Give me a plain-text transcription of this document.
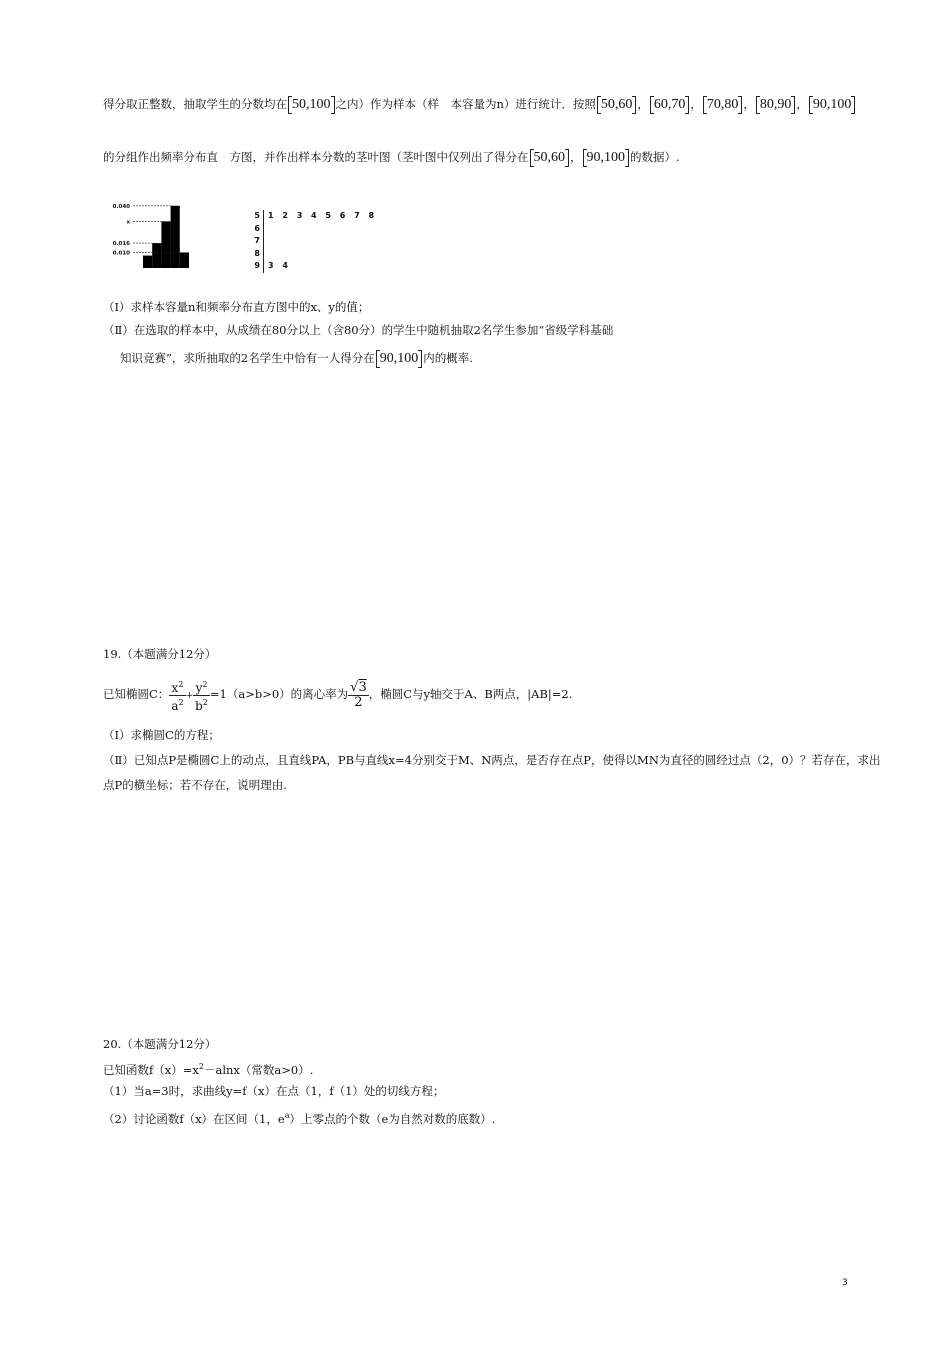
得分取正整数，抽取学生的分数均在 50,100 之内）作为样本（样　本容量为n）进行统计．按照 50,60 ， 60,70 ， 70,80 ， 80,90 ， 90,100
的分组作出频率分布直　方图，并作出样本分数的茎叶图（茎叶图中仅列出了得分在 50,60 ， 90,100 的数据）.
0.040
x
0.016
0.010
5 1 2 3 4 5 6 7 8
6
7
8
9 3 4
（Ⅰ）求样本容量n和频率分布直方图中的x、y的值；
（Ⅱ）在选取的样本中，从成绩在80分以上（含80分）的学生中随机抽取2名学生参加“省级学科基础
知识竞赛”，求所抽取的2名学生中恰有一人得分在 90,100 内的概率.
19.（本题满分12分）
已知椭圆C： $\frac{x^2}{a^2} + \frac{y^2}{b^2} =1(a>b>0)$的离心率为 $\frac{√3}{2}$ ，椭圆C与y轴交于A、B两点，|AB|=2.
（Ⅰ）求椭圆C的方程；
（Ⅱ）已知点P是椭圆C上的动点，且直线PA，PB与直线x=4分别交于M、N两点，是否存在点P，使得以MN为直径的圆经过点（2，0）？若存在，求出
点P的横坐标；若不存在，说明理由.
20.（本题满分12分）
已知函数$f(x)=x^2-alnx$（常数a>0）.
（1）当a=3时，求曲线y=f（x）在点（1，f（1）处的切线方程；
（2）讨论函数f（x）在区间（1，$e^a$）上零点的个数（e为自然对数的底数）.
3
